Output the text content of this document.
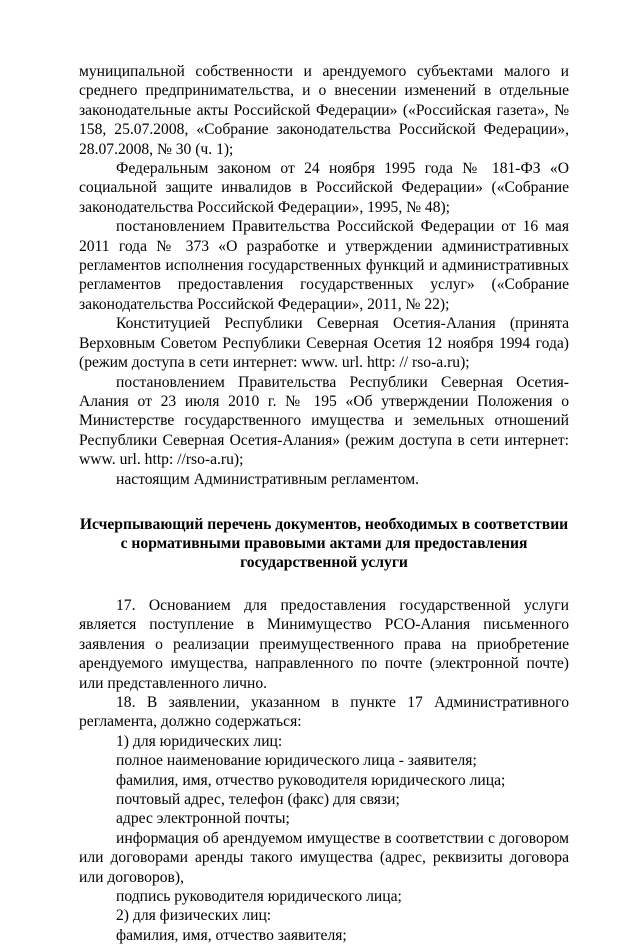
муниципальной собственности и арендуемого субъектами малого и среднего предпринимательства, и о внесении изменений в отдельные законодательные акты Российской Федерации» («Российская газета», № 158, 25.07.2008, «Собрание законодательства Российской Федерации», 28.07.2008, № 30 (ч. 1);

Федеральным законом от 24 ноября 1995 года № 181-ФЗ «О социальной защите инвалидов в Российской Федерации» («Собрание законодательства Российской Федерации», 1995, № 48);

постановлением Правительства Российской Федерации от 16 мая 2011 года № 373 «О разработке и утверждении административных регламентов исполнения государственных функций и административных регламентов предоставления государственных услуг» («Собрание законодательства Российской Федерации», 2011, № 22);

Конституцией Республики Северная Осетия-Алания (принята Верховным Советом Республики Северная Осетия 12 ноября 1994 года) (режим доступа в сети интернет: www. url. http: // rso-a.ru);

постановлением Правительства Республики Северная Осетия-Алания от 23 июля 2010 г. № 195 «Об утверждении Положения о Министерстве государственного имущества и земельных отношений Республики Северная Осетия-Алания» (режим доступа в сети интернет: www. url. http: //rso-a.ru);

настоящим Административным регламентом.

Исчерпывающий перечень документов, необходимых в соответствии с нормативными правовыми актами для предоставления государственной услуги

17. Основанием для предоставления государственной услуги является поступление в Минимущество РСО-Алания письменного заявления о реализации преимущественного права на приобретение арендуемого имущества, направленного по почте (электронной почте) или представленного лично.

18. В заявлении, указанном в пункте 17 Административного регламента, должно содержаться:

1) для юридических лиц:

полное наименование юридического лица - заявителя;

фамилия, имя, отчество руководителя юридического лица;

почтовый адрес, телефон (факс) для связи;

адрес электронной почты;

информация об арендуемом имуществе в соответствии с договором или договорами аренды такого имущества (адрес, реквизиты договора или договоров),

подпись руководителя юридического лица;

2) для физических лиц:

фамилия, имя, отчество заявителя;
